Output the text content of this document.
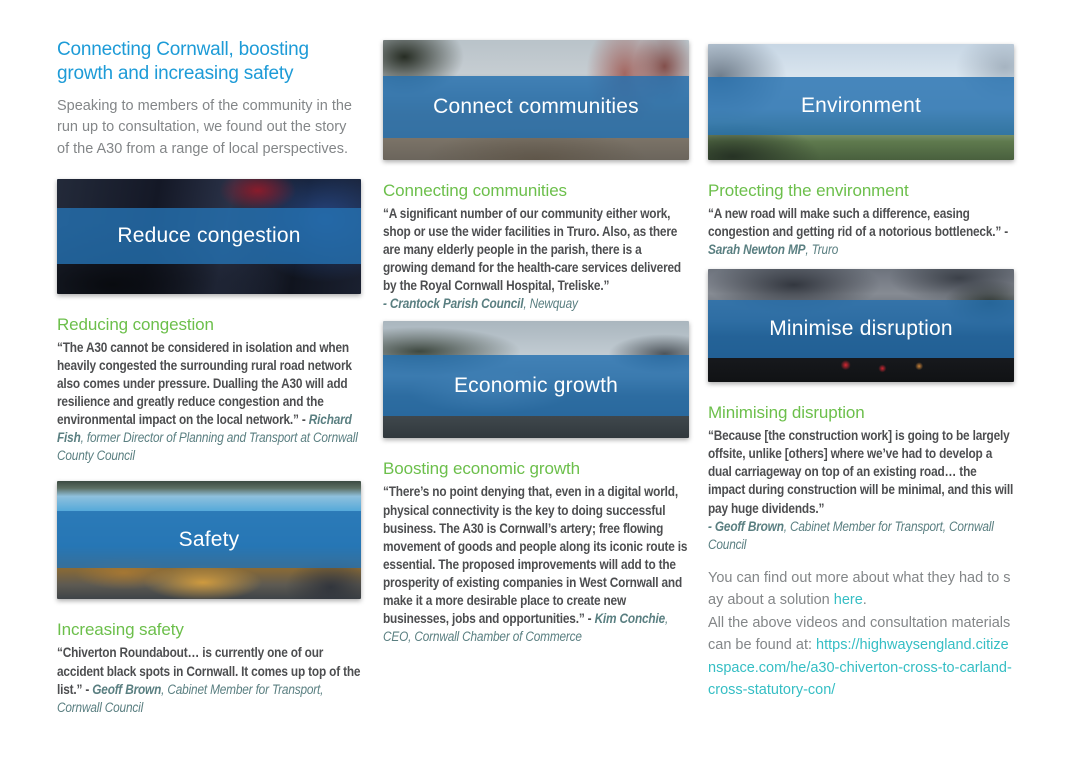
Connecting Cornwall, boosting growth and increasing safety

Speaking to members of the community in the run up to consultation, we found out the story of the A30 from a range of local perspectives.

Reduce congestion
Reducing congestion

“The A30 cannot be considered in isolation and when heavily congested the surrounding rural road network also comes under pressure. Dualling the A30 will add resilience and greatly reduce congestion and the environmental impact on the local network.” - Richard Fish, former Director of Planning and Transport at Cornwall County Council

Safety
Increasing safety

“Chiverton Roundabout… is currently one of our accident black spots in Cornwall. It comes up top of the list.” - Geoff Brown, Cabinet Member for Transport, Cornwall Council

Connect communities
Connecting communities

“A significant number of our community either work, shop or use the wider facilities in Truro. Also, as there are many elderly people in the parish, there is a growing demand for the health-care services delivered by the Royal Cornwall Hospital, Treliske.”
- Crantock Parish Council, Newquay

Economic growth
Boosting economic growth

“There’s no point denying that, even in a digital world, physical connectivity is the key to doing successful business. The A30 is Cornwall’s artery; free flowing movement of goods and people along its iconic route is essential. The proposed improvements will add to the prosperity of existing companies in West Cornwall and make it a more desirable place to create new businesses, jobs and opportunities.” - Kim Conchie, CEO, Cornwall Chamber of Commerce

Environment
Protecting the environment

“A new road will make such a difference, easing congestion and getting rid of a notorious bottleneck.” - Sarah Newton MP, Truro

Minimise disruption
Minimising disruption

“Because [the construction work] is going to be largely offsite, unlike [others] where we’ve had to develop a dual carriageway on top of an existing road… the impact during construction will be minimal, and this will pay huge dividends.”
- Geoff Brown, Cabinet Member for Transport, Cornwall Council

You can find out more about what they had to say about a solution here.

All the above videos and consultation materials can be found at: https://highwaysengland.citizenspace.com/he/a30-chiverton-cross-to-carland-cross-statutory-con/
